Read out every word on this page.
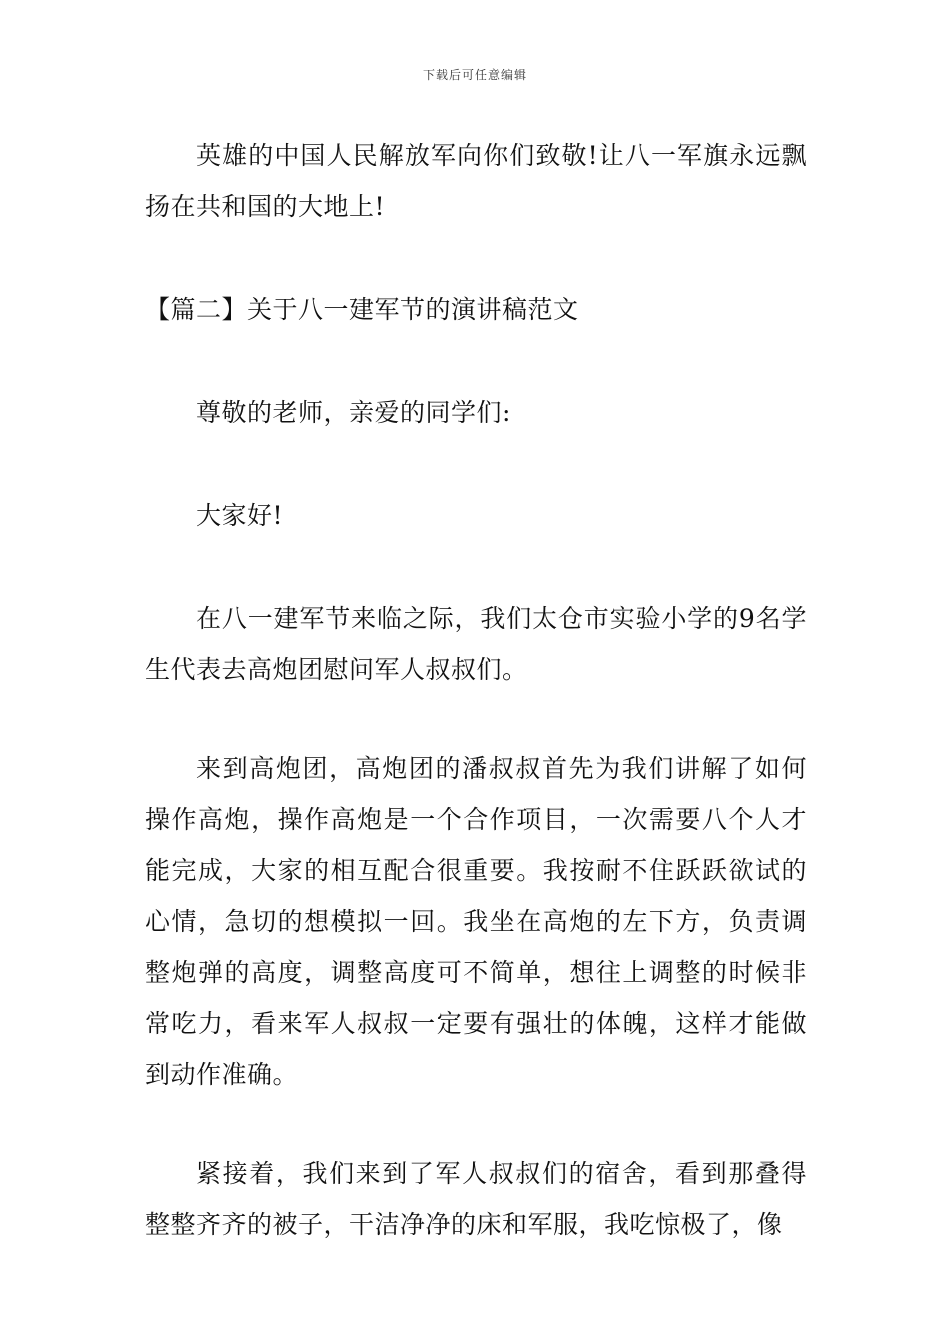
下载后可任意编辑

英雄的中国人民解放军向你们致敬!让八一军旗永远飘扬在共和国的大地上!

【篇二】关于八一建军节的演讲稿范文

尊敬的老师，亲爱的同学们:

大家好!

在八一建军节来临之际，我们太仓市实验小学的9名学生代表去高炮团慰问军人叔叔们。

来到高炮团，高炮团的潘叔叔首先为我们讲解了如何操作高炮，操作高炮是一个合作项目，一次需要八个人才能完成，大家的相互配合很重要。我按耐不住跃跃欲试的心情，急切的想模拟一回。我坐在高炮的左下方，负责调整炮弹的高度，调整高度可不简单，想往上调整的时候非常吃力，看来军人叔叔一定要有强壮的体魄，这样才能做到动作准确。

紧接着，我们来到了军人叔叔们的宿舍，看到那叠得整整齐齐的被子，干洁净净的床和军服，我吃惊极了，像
